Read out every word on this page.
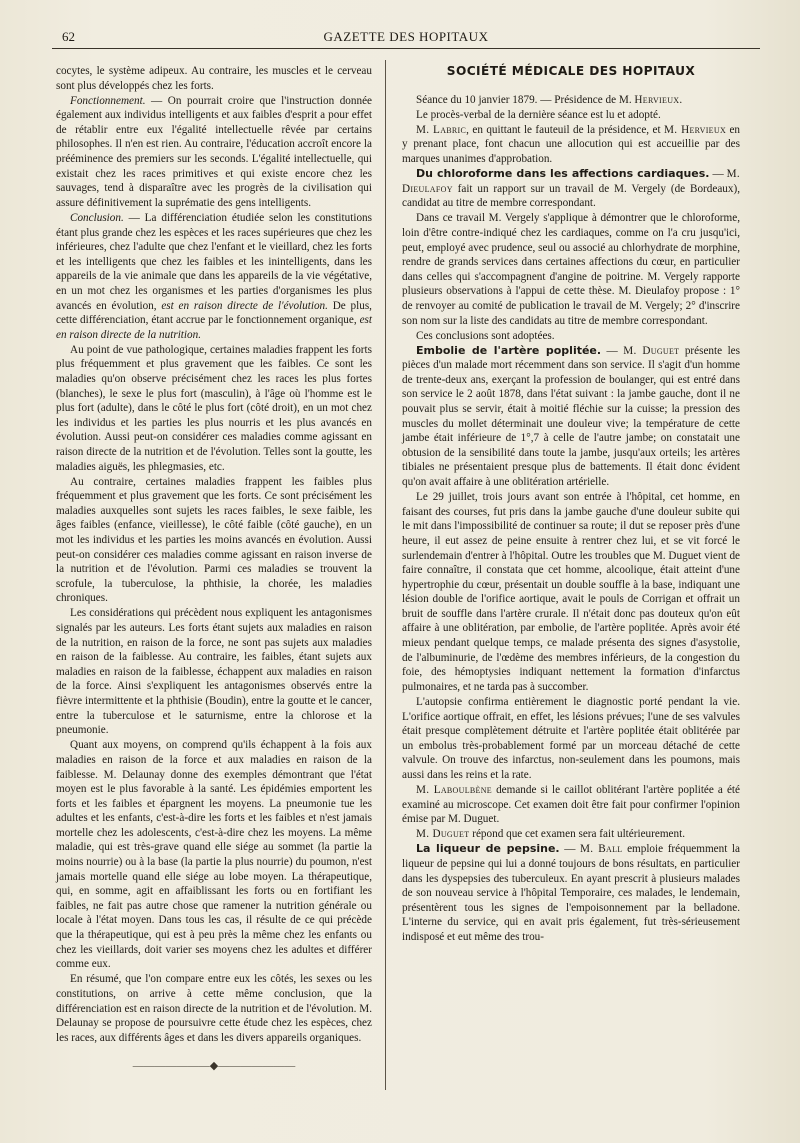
62	GAZETTE DES HOPITAUX

cocytes, le système adipeux. Au contraire, les muscles et le cerveau sont plus développés chez les forts.

Fonctionnement. — On pourrait croire que l'instruction donnée également aux individus intelligents et aux faibles d'esprit a pour effet de rétablir entre eux l'égalité intellectuelle rêvée par certains philosophes. Il n'en est rien. Au contraire, l'éducation accroît encore la prééminence des premiers sur les seconds. L'égalité intellectuelle, qui existait chez les races primitives et qui existe encore chez les sauvages, tend à disparaître avec les progrès de la civilisation qui assure définitivement la suprématie des gens intelligents.

Conclusion. — La différenciation étudiée selon les constitutions étant plus grande chez les espèces et les races supérieures que chez les inférieures, chez l'adulte que chez l'enfant et le vieillard, chez les forts et les intelligents que chez les faibles et les inintelligents, dans les appareils de la vie animale que dans les appareils de la vie végétative, en un mot chez les organismes et les parties d'organismes les plus avancés en évolution, est en raison directe de l'évolution. De plus, cette différenciation, étant accrue par le fonctionnement organique, est en raison directe de la nutrition.

Au point de vue pathologique, certaines maladies frappent les forts plus fréquemment et plus gravement que les faibles. Ce sont les maladies qu'on observe précisément chez les races les plus fortes (blanches), le sexe le plus fort (masculin), à l'âge où l'homme est le plus fort (adulte), dans le côté le plus fort (côté droit), en un mot chez les individus et les parties les plus nourris et les plus avancés en évolution. Aussi peut-on considérer ces maladies comme agissant en raison directe de la nutrition et de l'évolution. Telles sont la goutte, les maladies aiguës, les phlegmasies, etc.

Au contraire, certaines maladies frappent les faibles plus fréquemment et plus gravement que les forts. Ce sont précisément les maladies auxquelles sont sujets les races faibles, le sexe faible, les âges faibles (enfance, vieillesse), le côté faible (côté gauche), en un mot les individus et les parties les moins avancés en évolution. Aussi peut-on considérer ces maladies comme agissant en raison inverse de la nutrition et de l'évolution. Parmi ces maladies se trouvent la scrofule, la tuberculose, la phthisie, la chorée, les maladies chroniques.

Les considérations qui précèdent nous expliquent les antagonismes signalés par les auteurs. Les forts étant sujets aux maladies en raison de la nutrition, en raison de la force, ne sont pas sujets aux maladies en raison de la faiblesse. Au contraire, les faibles, étant sujets aux maladies en raison de la faiblesse, échappent aux maladies en raison de la force. Ainsi s'expliquent les antagonismes observés entre la fièvre intermittente et la phthisie (Boudin), entre la goutte et le cancer, entre la tuberculose et le saturnisme, entre la chlorose et la pneumonie.

Quant aux moyens, on comprend qu'ils échappent à la fois aux maladies en raison de la force et aux maladies en raison de la faiblesse. M. Delaunay donne des exemples démontrant que l'état moyen est le plus favorable à la santé. Les épidémies emportent les forts et les faibles et épargnent les moyens. La pneumonie tue les adultes et les enfants, c'est-à-dire les forts et les faibles et n'est jamais mortelle chez les adolescents, c'est-à-dire chez les moyens. La même maladie, qui est très-grave quand elle siége au sommet (la partie la moins nourrie) ou à la base (la partie la plus nourrie) du poumon, n'est jamais mortelle quand elle siége au lobe moyen. La thérapeutique, qui, en somme, agit en affaiblissant les forts ou en fortifiant les faibles, ne fait pas autre chose que ramener la nutrition générale ou locale à l'état moyen. Dans tous les cas, il résulte de ce qui précède que la thérapeutique, qui est à peu près la même chez les enfants ou chez les vieillards, doit varier ses moyens chez les adultes et différer comme eux.

En résumé, que l'on compare entre eux les côtés, les sexes ou les constitutions, on arrive à cette même conclusion, que la différenciation est en raison directe de la nutrition et de l'évolution. M. Delaunay se propose de poursuivre cette étude chez les espèces, chez les races, aux différents âges et dans les divers appareils organiques.

———————◆———————
SOCIÉTÉ MÉDICALE DES HOPITAUX

Séance du 10 janvier 1879. — Présidence de M. Hervieux.

Le procès-verbal de la dernière séance est lu et adopté.

M. Labric, en quittant le fauteuil de la présidence, et M. Hervieux en y prenant place, font chacun une allocution qui est accueillie par des marques unanimes d'approbation.

Du chloroforme dans les affections cardiaques. — M. Dieulafoy fait un rapport sur un travail de M. Vergely (de Bordeaux), candidat au titre de membre correspondant.

Dans ce travail M. Vergely s'applique à démontrer que le chloroforme, loin d'être contre-indiqué chez les cardiaques, comme on l'a cru jusqu'ici, peut, employé avec prudence, seul ou associé au chlorhydrate de morphine, rendre de grands services dans certaines affections du cœur, en particulier dans celles qui s'accompagnent d'angine de poitrine. M. Vergely rapporte plusieurs observations à l'appui de cette thèse. M. Dieulafoy propose : 1° de renvoyer au comité de publication le travail de M. Vergely; 2° d'inscrire son nom sur la liste des candidats au titre de membre correspondant.

Ces conclusions sont adoptées.

Embolie de l'artère poplitée. — M. Duguet présente les pièces d'un malade mort récemment dans son service. Il s'agit d'un homme de trente-deux ans, exerçant la profession de boulanger, qui est entré dans son service le 2 août 1878, dans l'état suivant : la jambe gauche, dont il ne pouvait plus se servir, était à moitié fléchie sur la cuisse; la pression des muscles du mollet déterminait une douleur vive; la température de cette jambe était inférieure de 1°,7 à celle de l'autre jambe; on constatait une obtusion de la sensibilité dans toute la jambe, jusqu'aux orteils; les artères tibiales ne présentaient presque plus de battements. Il était donc évident qu'on avait affaire à une oblitération artérielle.

Le 29 juillet, trois jours avant son entrée à l'hôpital, cet homme, en faisant des courses, fut pris dans la jambe gauche d'une douleur subite qui le mit dans l'impossibilité de continuer sa route; il dut se reposer près d'une heure, il eut assez de peine ensuite à rentrer chez lui, et se vit forcé le surlendemain d'entrer à l'hôpital. Outre les troubles que M. Duguet vient de faire connaître, il constata que cet homme, alcoolique, était atteint d'une hypertrophie du cœur, présentait un double souffle à la base, indiquant une lésion double de l'orifice aortique, avait le pouls de Corrigan et offrait un bruit de souffle dans l'artère crurale. Il n'était donc pas douteux qu'on eût affaire à une oblitération, par embolie, de l'artère poplitée. Après avoir été mieux pendant quelque temps, ce malade présenta des signes d'asystolie, de l'albuminurie, de l'œdème des membres inférieurs, de la congestion du foie, des hémoptysies indiquant nettement la formation d'infarctus pulmonaires, et ne tarda pas à succomber.

L'autopsie confirma entièrement le diagnostic porté pendant la vie. L'orifice aortique offrait, en effet, les lésions prévues; l'une de ses valvules était presque complètement détruite et l'artère poplitée était oblitérée par un embolus très-probablement formé par un morceau détaché de cette valvule. On trouve des infarctus, non-seulement dans les poumons, mais aussi dans les reins et la rate.

M. Laboulbène demande si le caillot oblitérant l'artère poplitée a été examiné au microscope. Cet examen doit être fait pour confirmer l'opinion émise par M. Duguet.

M. Duguet répond que cet examen sera fait ultérieurement.

La liqueur de pepsine. — M. Ball emploie fréquemment la liqueur de pepsine qui lui a donné toujours de bons résultats, en particulier dans les dyspepsies des tuberculeux. En ayant prescrit à plusieurs malades de son nouveau service à l'hôpital Temporaire, ces malades, le lendemain, présentèrent tous les signes de l'empoisonnement par la belladone. L'interne du service, qui en avait pris également, fut très-sérieusement indisposé et eut même des trou-
